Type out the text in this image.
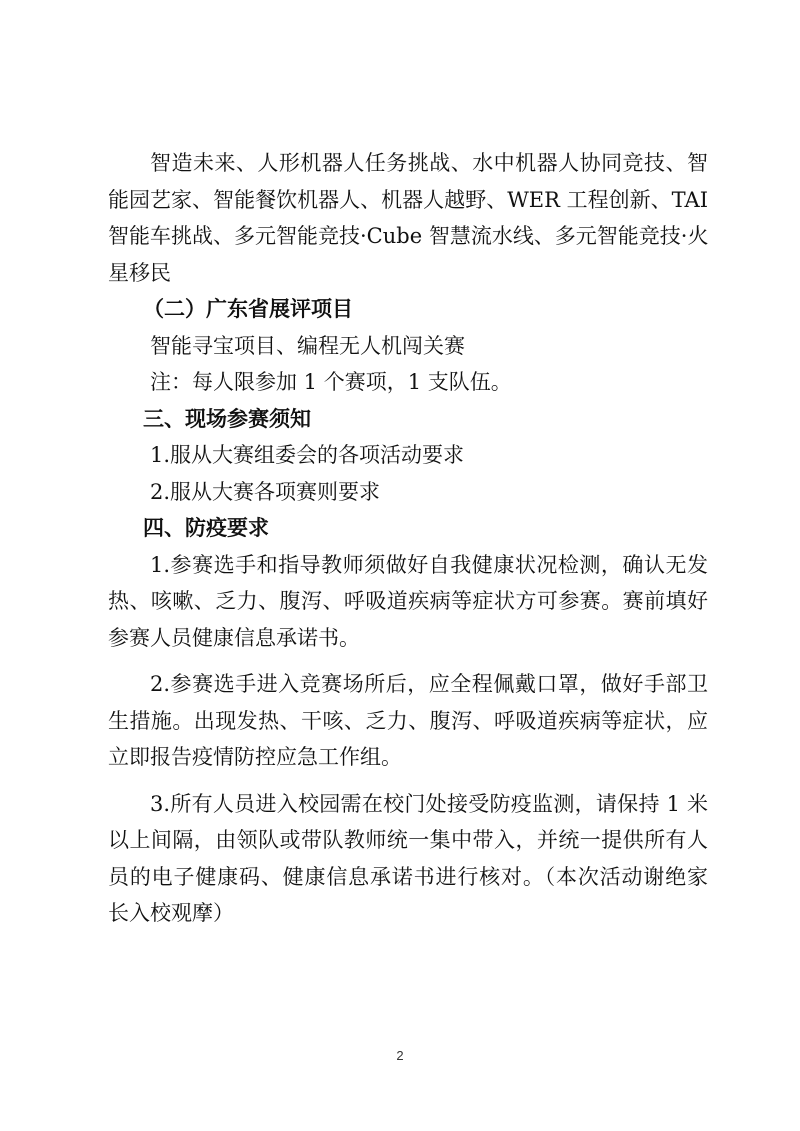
智造未来、人形机器人任务挑战、水中机器人协同竞技、智

能园艺家、智能餐饮机器人、机器人越野、WER 工程创新、TAI

智能车挑战、多元智能竞技·Cube 智慧流水线、多元智能竞技·火

星移民

（二）广东省展评项目

智能寻宝项目、编程无人机闯关赛

注：每人限参加 1 个赛项，1 支队伍。

三、现场参赛须知

1.服从大赛组委会的各项活动要求

2.服从大赛各项赛则要求

四、防疫要求

1.参赛选手和指导教师须做好自我健康状况检测，确认无发

热、咳嗽、乏力、腹泻、呼吸道疾病等症状方可参赛。赛前填好

参赛人员健康信息承诺书。

2.参赛选手进入竞赛场所后，应全程佩戴口罩，做好手部卫

生措施。出现发热、干咳、乏力、腹泻、呼吸道疾病等症状，应

立即报告疫情防控应急工作组。

3.所有人员进入校园需在校门处接受防疫监测，请保持 1 米

以上间隔，由领队或带队教师统一集中带入，并统一提供所有人

员的电子健康码、健康信息承诺书进行核对。（本次活动谢绝家

长入校观摩）

2
